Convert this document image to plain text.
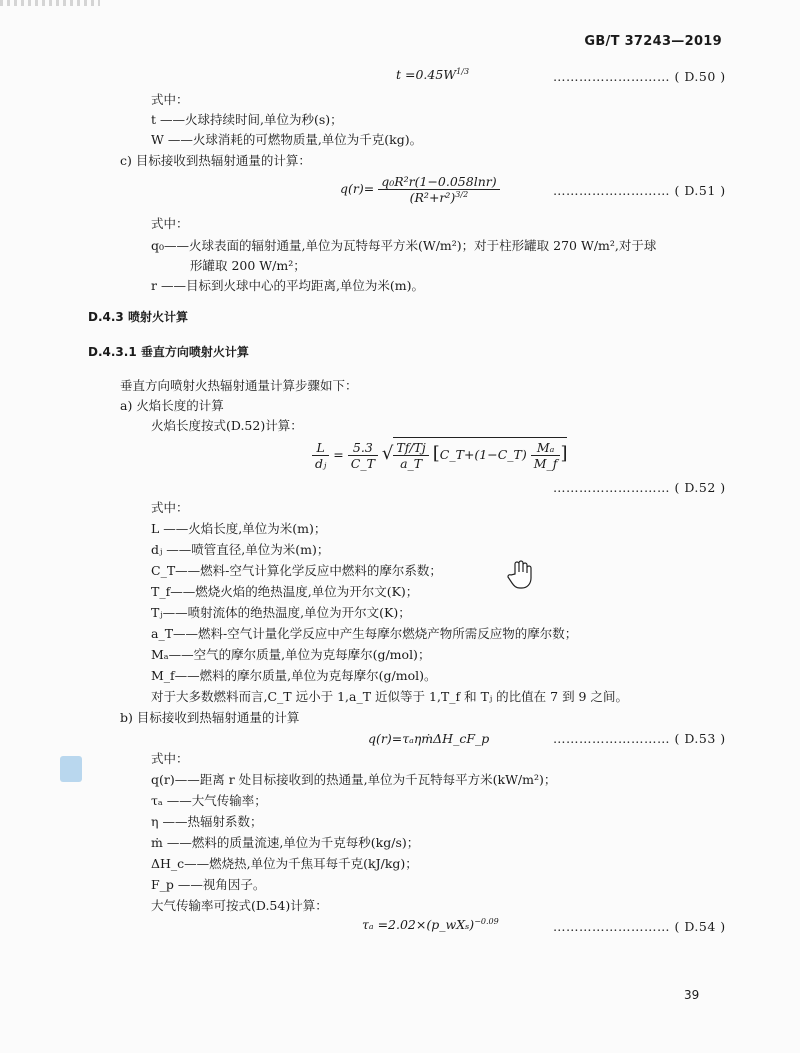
GB/T 37243—2019
$t =0.45W^{1/3}$	……………………… ( D.50 )
式中：
t ——火球持续时间,单位为秒(s)；
W ——火球消耗的可燃物质量,单位为千克(kg)。
c) 目标接收到热辐射通量的计算：
$q(r)= \frac{\text{q₀R²r(1−0.058lnr)}}{(R^2+r^2)^{3/2}}$	……………………… ( D.51 )
式中：
q₀——火球表面的辐射通量,单位为瓦特每平方米(W/m²)；对于柱形罐取 270 W/m²,对于球
形罐取 200 W/m²；
r ——目标到火球中心的平均距离,单位为米(m)。
D.4.3 喷射火计算
D.4.3.1 垂直方向喷射火计算
垂直方向喷射火热辐射通量计算步骤如下：
a) 火焰长度的计算
火焰长度按式(D.52)计算：
$\frac{L}{\text{dⱼ}} = \frac{5.3}{C\_T}$ √ $\frac{Tf/Tj}{a\_T}$ [C_T+(1−C_T) $\frac{\text{Mₐ}}{M\_f}$ ]
……………………… ( D.52 )
式中：
L ——火焰长度,单位为米(m)；
dⱼ ——喷管直径,单位为米(m)；
C_T——燃料-空气计算化学反应中燃料的摩尔系数；
T_f——燃烧火焰的绝热温度,单位为开尔文(K)；
Tⱼ——喷射流体的绝热温度,单位为开尔文(K)；
a_T——燃料-空气计量化学反应中产生每摩尔燃烧产物所需反应物的摩尔数；
Mₐ——空气的摩尔质量,单位为克每摩尔(g/mol)；
M_f——燃料的摩尔质量,单位为克每摩尔(g/mol)。
对于大多数燃料而言,C_T 远小于 1,a_T 近似等于 1,T_f 和 Tⱼ 的比值在 7 到 9 之间。
b) 目标接收到热辐射通量的计算
q(r)=τₐηṁΔH_cF_p	……………………… ( D.53 )
式中：
q(r)——距离 r 处目标接收到的热通量,单位为千瓦特每平方米(kW/m²)；
τₐ ——大气传输率；
η ——热辐射系数；
ṁ ——燃料的质量流速,单位为千克每秒(kg/s)；
ΔH_c——燃烧热,单位为千焦耳每千克(kJ/kg)；
F_p ——视角因子。
大气传输率可按式(D.54)计算：
τₐ =2.02×(p_wXₛ)$^{-0.09}$	……………………… ( D.54 )
39
